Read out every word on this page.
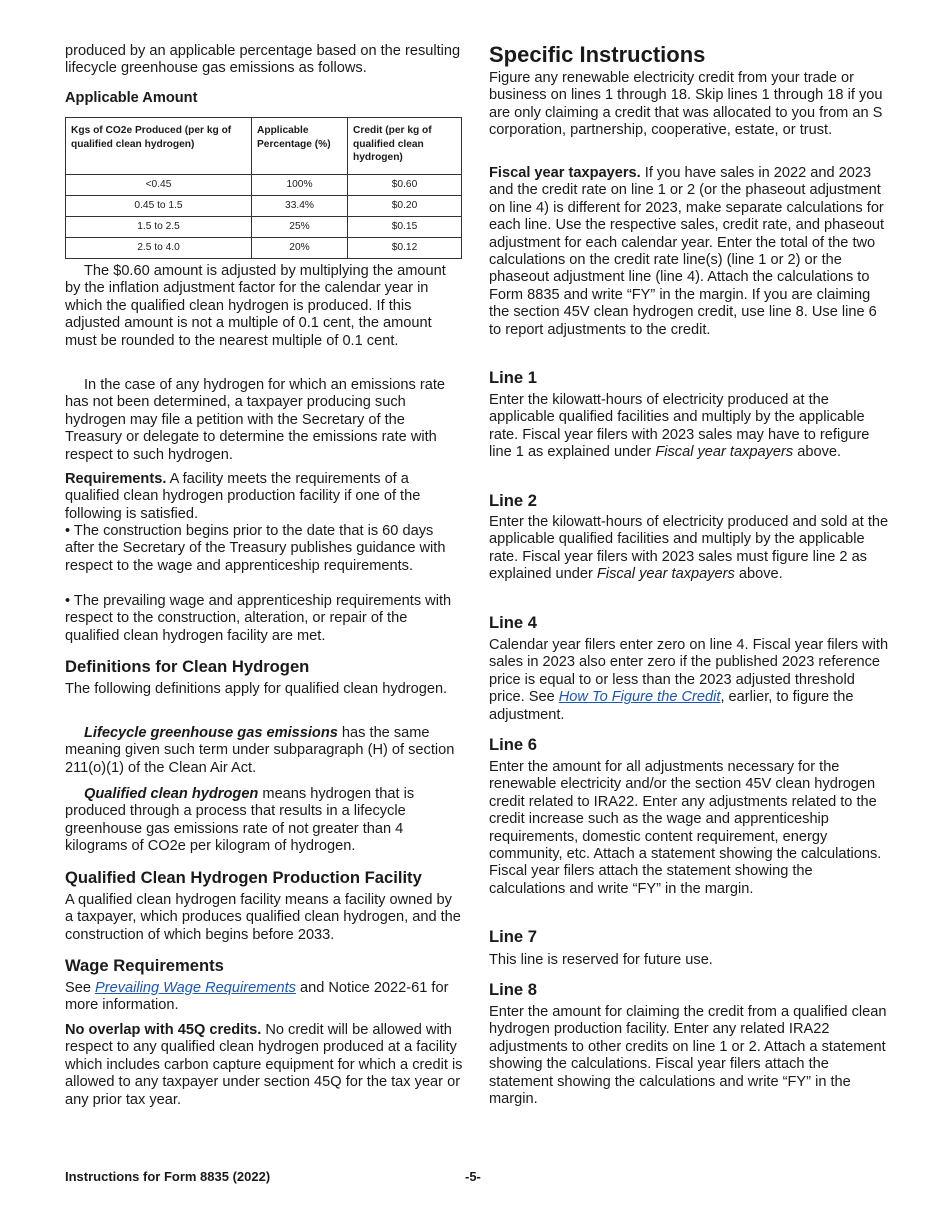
produced by an applicable percentage based on the resulting lifecycle greenhouse gas emissions as follows.

Applicable Amount

Kgs of CO2e Produced (per kg of qualified clean hydrogen)	Applicable Percentage (%)	Credit (per kg of qualified clean hydrogen)
<0.45	100%	$0.60
0.45 to 1.5	33.4%	$0.20
1.5 to 2.5	25%	$0.15
2.5 to 4.0	20%	$0.12

The $0.60 amount is adjusted by multiplying the amount by the inflation adjustment factor for the calendar year in which the qualified clean hydrogen is produced. If this adjusted amount is not a multiple of 0.1 cent, the amount must be rounded to the nearest multiple of 0.1 cent.

In the case of any hydrogen for which an emissions rate has not been determined, a taxpayer producing such hydrogen may file a petition with the Secretary of the Treasury or delegate to determine the emissions rate with respect to such hydrogen.

Requirements. A facility meets the requirements of a qualified clean hydrogen production facility if one of the following is satisfied.

• The construction begins prior to the date that is 60 days after the Secretary of the Treasury publishes guidance with respect to the wage and apprenticeship requirements.

• The prevailing wage and apprenticeship requirements with respect to the construction, alteration, or repair of the qualified clean hydrogen facility are met.

Definitions for Clean Hydrogen

The following definitions apply for qualified clean hydrogen.

Lifecycle greenhouse gas emissions has the same meaning given such term under subparagraph (H) of section 211(o)(1) of the Clean Air Act.

Qualified clean hydrogen means hydrogen that is produced through a process that results in a lifecycle greenhouse gas emissions rate of not greater than 4 kilograms of CO2e per kilogram of hydrogen.

Qualified Clean Hydrogen Production Facility

A qualified clean hydrogen facility means a facility owned by a taxpayer, which produces qualified clean hydrogen, and the construction of which begins before 2033.

Wage Requirements

See Prevailing Wage Requirements and Notice 2022-61 for more information.

No overlap with 45Q credits. No credit will be allowed with respect to any qualified clean hydrogen produced at a facility which includes carbon capture equipment for which a credit is allowed to any taxpayer under section 45Q for the tax year or any prior tax year.

Specific Instructions

Figure any renewable electricity credit from your trade or business on lines 1 through 18. Skip lines 1 through 18 if you are only claiming a credit that was allocated to you from an S corporation, partnership, cooperative, estate, or trust.

Fiscal year taxpayers. If you have sales in 2022 and 2023 and the credit rate on line 1 or 2 (or the phaseout adjustment on line 4) is different for 2023, make separate calculations for each line. Use the respective sales, credit rate, and phaseout adjustment for each calendar year. Enter the total of the two calculations on the credit rate line(s) (line 1 or 2) or the phaseout adjustment line (line 4). Attach the calculations to Form 8835 and write “FY” in the margin. If you are claiming the section 45V clean hydrogen credit, use line 8. Use line 6 to report adjustments to the credit.

Line 1

Enter the kilowatt-hours of electricity produced at the applicable qualified facilities and multiply by the applicable rate. Fiscal year filers with 2023 sales may have to refigure line 1 as explained under Fiscal year taxpayers above.

Line 2

Enter the kilowatt-hours of electricity produced and sold at the applicable qualified facilities and multiply by the applicable rate. Fiscal year filers with 2023 sales must figure line 2 as explained under Fiscal year taxpayers above.

Line 4

Calendar year filers enter zero on line 4. Fiscal year filers with sales in 2023 also enter zero if the published 2023 reference price is equal to or less than the 2023 adjusted threshold price. See How To Figure the Credit, earlier, to figure the adjustment.

Line 6

Enter the amount for all adjustments necessary for the renewable electricity and/or the section 45V clean hydrogen credit related to IRA22. Enter any adjustments related to the credit increase such as the wage and apprenticeship requirements, domestic content requirement, energy community, etc. Attach a statement showing the calculations. Fiscal year filers attach the statement showing the calculations and write “FY” in the margin.

Line 7

This line is reserved for future use.

Line 8

Enter the amount for claiming the credit from a qualified clean hydrogen production facility. Enter any related IRA22 adjustments to other credits on line 1 or 2. Attach a statement showing the calculations. Fiscal year filers attach the statement showing the calculations and write “FY” in the margin.

Instructions for Form 8835 (2022)	-5-
